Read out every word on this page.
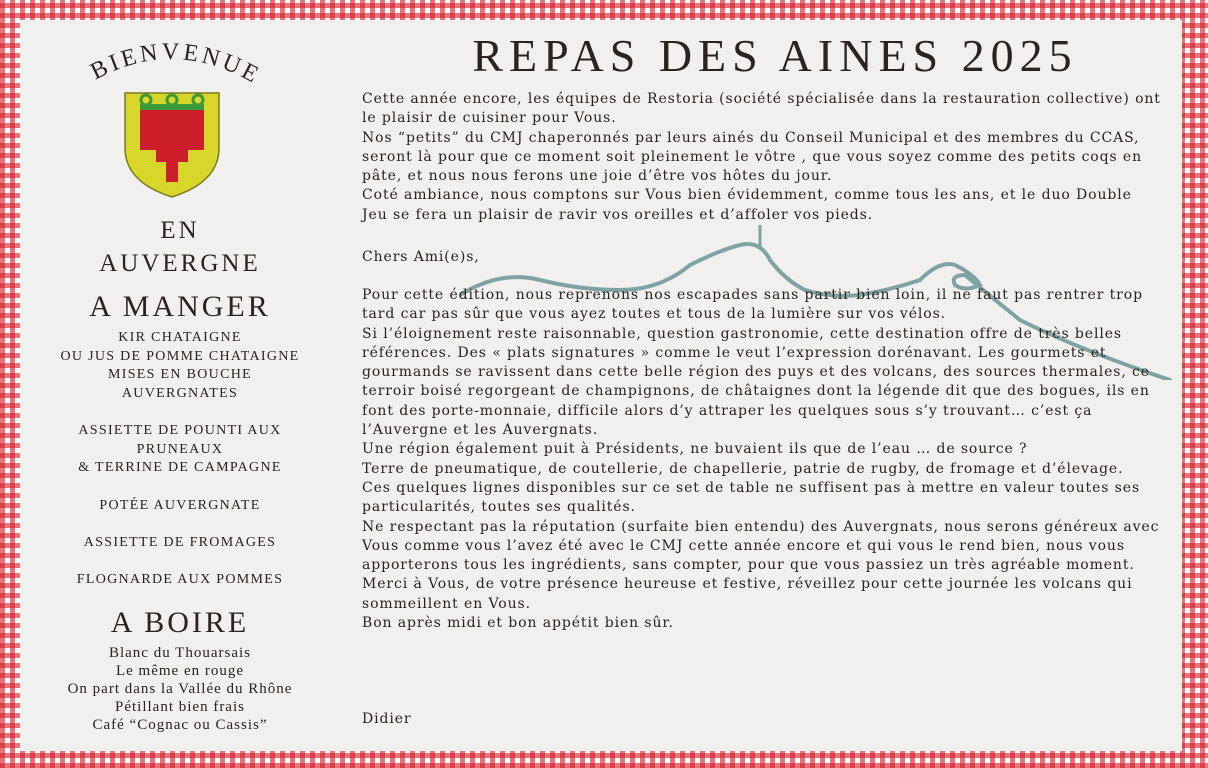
BIENVENUE
EN
AUVERGNE
A MANGER
KIR CHATAIGNE
OU JUS DE POMME CHATAIGNE
MISES EN BOUCHE
AUVERGNATES
ASSIETTE DE POUNTI AUX
PRUNEAUX
& TERRINE DE CAMPAGNE
POTÉE AUVERGNATE
ASSIETTE DE FROMAGES
FLOGNARDE AUX POMMES
A BOIRE
Blanc du Thouarsais
Le même en rouge
On part dans la Vallée du Rhône
Pétillant bien frais
Café “Cognac ou Cassis”
REPAS DES AINES 2025

Cette année encore, les équipes de Restoria (société spécialisée dans la restauration collective) ont le plaisir de cuisiner pour Vous.

Nos “petits” du CMJ chaperonnés par leurs ainés du Conseil Municipal et des membres du CCAS, seront là pour que ce moment soit pleinement le vôtre , que vous soyez comme des petits coqs en pâte, et nous nous ferons une joie d’être vos hôtes du jour.

Coté ambiance, nous comptons sur Vous bien évidemment, comme tous les ans, et le duo Double Jeu se fera un plaisir de ravir vos oreilles et d’affoler vos pieds.

Chers Ami(e)s,

Pour cette édition, nous reprenons nos escapades sans partir bien loin, il ne faut pas rentrer trop tard car pas sûr que vous ayez toutes et tous de la lumière sur vos vélos.

Si l’éloignement reste raisonnable, question gastronomie, cette destination offre de très belles références. Des « plats signatures » comme le veut l’expression dorénavant. Les gourmets et gourmands se ravissent dans cette belle région des puys et des volcans, des sources thermales, ce terroir boisé regorgeant de champignons, de châtaignes dont la légende dit que des bogues, ils en font des porte-monnaie, difficile alors d’y attraper les quelques sous s’y trouvant… c’est ça l’Auvergne et les Auvergnats.

Une région également puit à Présidents, ne buvaient ils que de l’eau … de source ?

Terre de pneumatique, de coutellerie, de chapellerie, patrie de rugby, de fromage et d’élevage.

Ces quelques lignes disponibles sur ce set de table ne suffisent pas à mettre en valeur toutes ses particularités, toutes ses qualités.

Ne respectant pas la réputation (surfaite bien entendu) des Auvergnats, nous serons généreux avec Vous comme vous l’avez été avec le CMJ cette année encore et qui vous le rend bien, nous vous apporterons tous les ingrédients, sans compter, pour que vous passiez un très agréable moment.

Merci à Vous, de votre présence heureuse et festive, réveillez pour cette journée les volcans qui sommeillent en Vous.

Bon après midi et bon appétit bien sûr.

Didier
